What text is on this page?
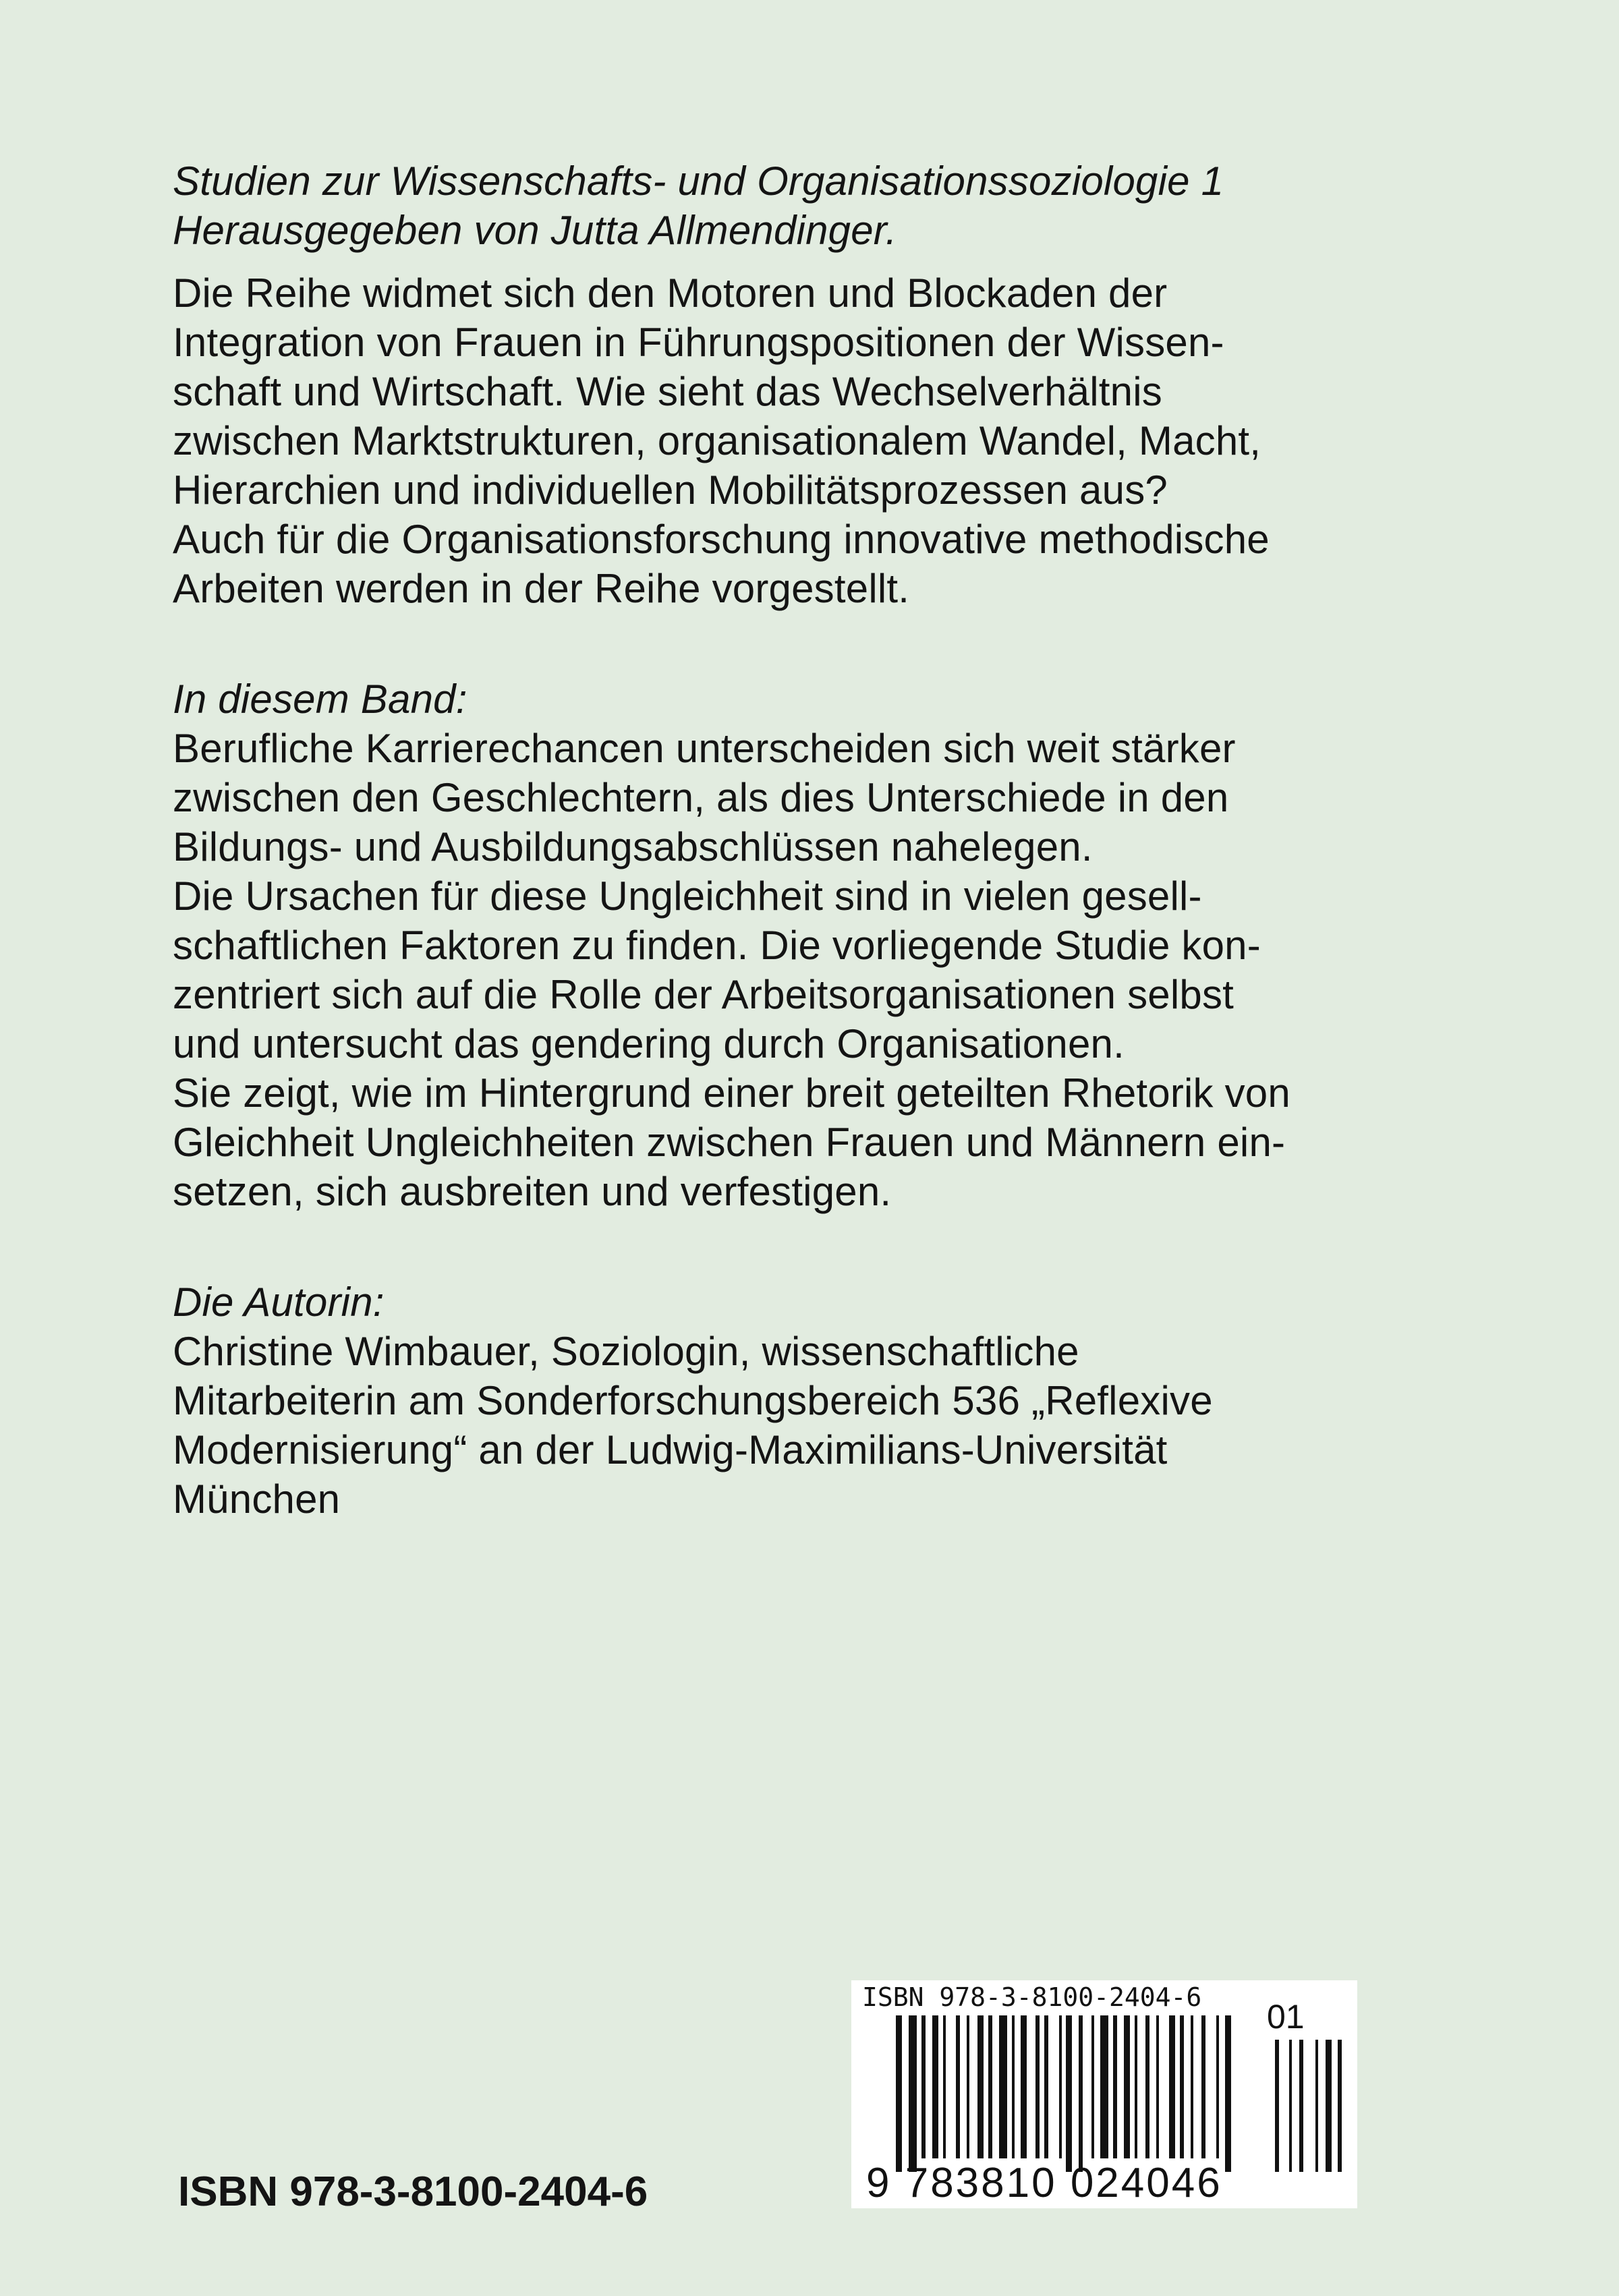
Studien zur Wissenschafts- und Organisationssoziologie 1
Herausgegeben von Jutta Allmendinger.
Die Reihe widmet sich den Motoren und Blockaden der
Integration von Frauen in Führungspositionen der Wissen-
schaft und Wirtschaft. Wie sieht das Wechselverhältnis
zwischen Marktstrukturen, organisationalem Wandel, Macht,
Hierarchien und individuellen Mobilitätsprozessen aus?
Auch für die Organisationsforschung innovative methodische
Arbeiten werden in der Reihe vorgestellt.
In diesem Band:
Berufliche Karrierechancen unterscheiden sich weit stärker
zwischen den Geschlechtern, als dies Unterschiede in den
Bildungs- und Ausbildungsabschlüssen nahelegen.
Die Ursachen für diese Ungleichheit sind in vielen gesell-
schaftlichen Faktoren zu finden. Die vorliegende Studie kon-
zentriert sich auf die Rolle der Arbeitsorganisationen selbst
und untersucht das gendering durch Organisationen.
Sie zeigt, wie im Hintergrund einer breit geteilten Rhetorik von
Gleichheit Ungleichheiten zwischen Frauen und Männern ein-
setzen, sich ausbreiten und verfestigen.
Die Autorin:
Christine Wimbauer, Soziologin, wissenschaftliche
Mitarbeiterin am Sonderforschungsbereich 536 „Reflexive
Modernisierung“ an der Ludwig-Maximilians-Universität
München
ISBN 978-3-8100-2404-6
ISBN 978-3-8100-2404-6
01
9 783810 024046
